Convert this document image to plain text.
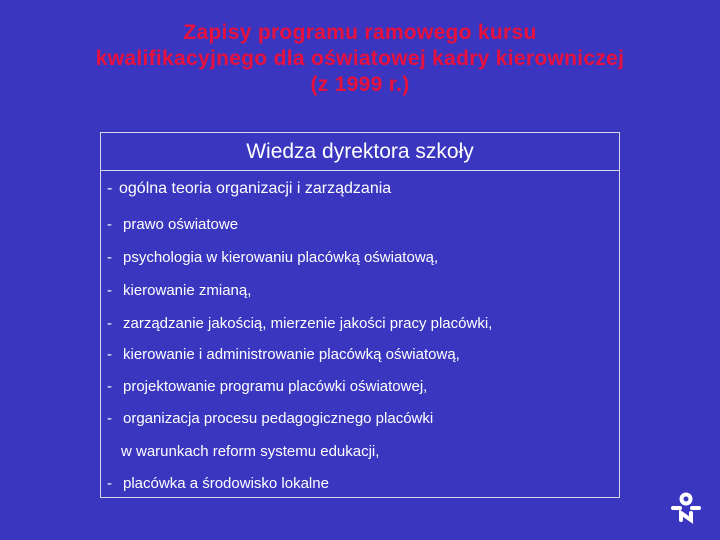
Zapisy programu ramowego kursu
kwalifikacyjnego dla oświatowej kadry kierowniczej
(z 1999 r.)
Wiedza dyrektora szkoły
- ogólna teoria organizacji i zarządzania
- prawo oświatowe
- psychologia w kierowaniu placówką oświatową,
- kierowanie zmianą,
- zarządzanie jakością, mierzenie jakości pracy placówki,
- kierowanie i administrowanie placówką oświatową,
- projektowanie programu placówki oświatowej,
- organizacja procesu pedagogicznego placówki
w warunkach reform systemu edukacji,
- placówka a środowisko lokalne
